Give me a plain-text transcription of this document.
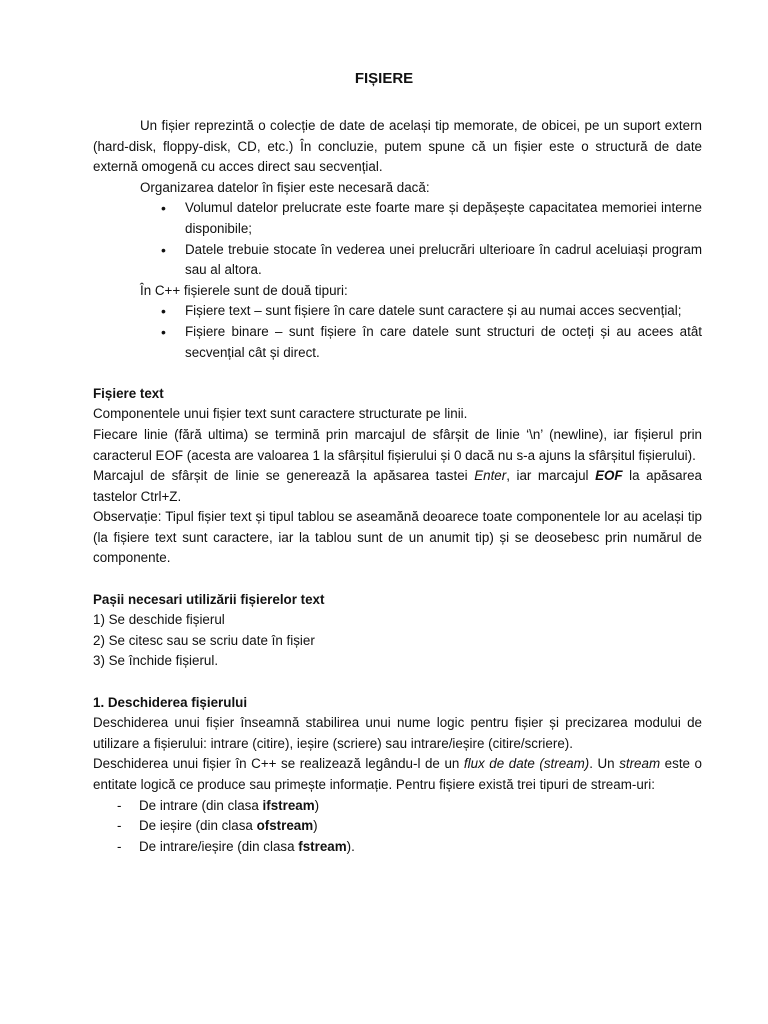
FIȘIERE

Un fișier reprezintă o colecție de date de același tip memorate, de obicei, pe un suport extern (hard-disk, floppy-disk, CD, etc.) În concluzie, putem spune că un fișier este o structură de date externă omogenă cu acces direct sau secvențial.

Organizarea datelor în fișier este necesară dacă:

• Volumul datelor prelucrate este foarte mare și depășește capacitatea memoriei interne disponibile;
• Datele trebuie stocate în vederea unei prelucrări ulterioare în cadrul aceluiași program sau al altora.

În C++ fișierele sunt de două tipuri:

• Fișiere text – sunt fișiere în care datele sunt caractere și au numai acces secvențial;
• Fișiere binare – sunt fișiere în care datele sunt structuri de octeți și au acees atât secvențial cât și direct.

Fișiere text

Componentele unui fișier text sunt caractere structurate pe linii.

Fiecare linie (fără ultima) se termină prin marcajul de sfârșit de linie ‘\n’ (newline), iar fișierul prin caracterul EOF (acesta are valoarea 1 la sfârșitul fișierului și 0 dacă nu s-a ajuns la sfârșitul fișierului).

Marcajul de sfârșit de linie se generează la apăsarea tastei Enter, iar marcajul EOF la apăsarea tastelor Ctrl+Z.

Observație: Tipul fișier text și tipul tablou se aseamănă deoarece toate componentele lor au același tip (la fișiere text sunt caractere, iar la tablou sunt de un anumit tip) și se deosebesc prin numărul de componente.

Pașii necesari utilizării fișierelor text

1) Se deschide fișierul

2) Se citesc sau se scriu date în fișier

3) Se închide fișierul.

1. Deschiderea fișierului

Deschiderea unui fișier înseamnă stabilirea unui nume logic pentru fișier și precizarea modului de utilizare a fișierului: intrare (citire), ieșire (scriere) sau intrare/ieșire (citire/scriere).

Deschiderea unui fișier în C++ se realizează legându-l de un flux de date (stream). Un stream este o entitate logică ce produce sau primește informație. Pentru fișiere există trei tipuri de stream-uri:

- De intrare (din clasa ifstream)
- De ieșire (din clasa ofstream)
- De intrare/ieșire (din clasa fstream).
